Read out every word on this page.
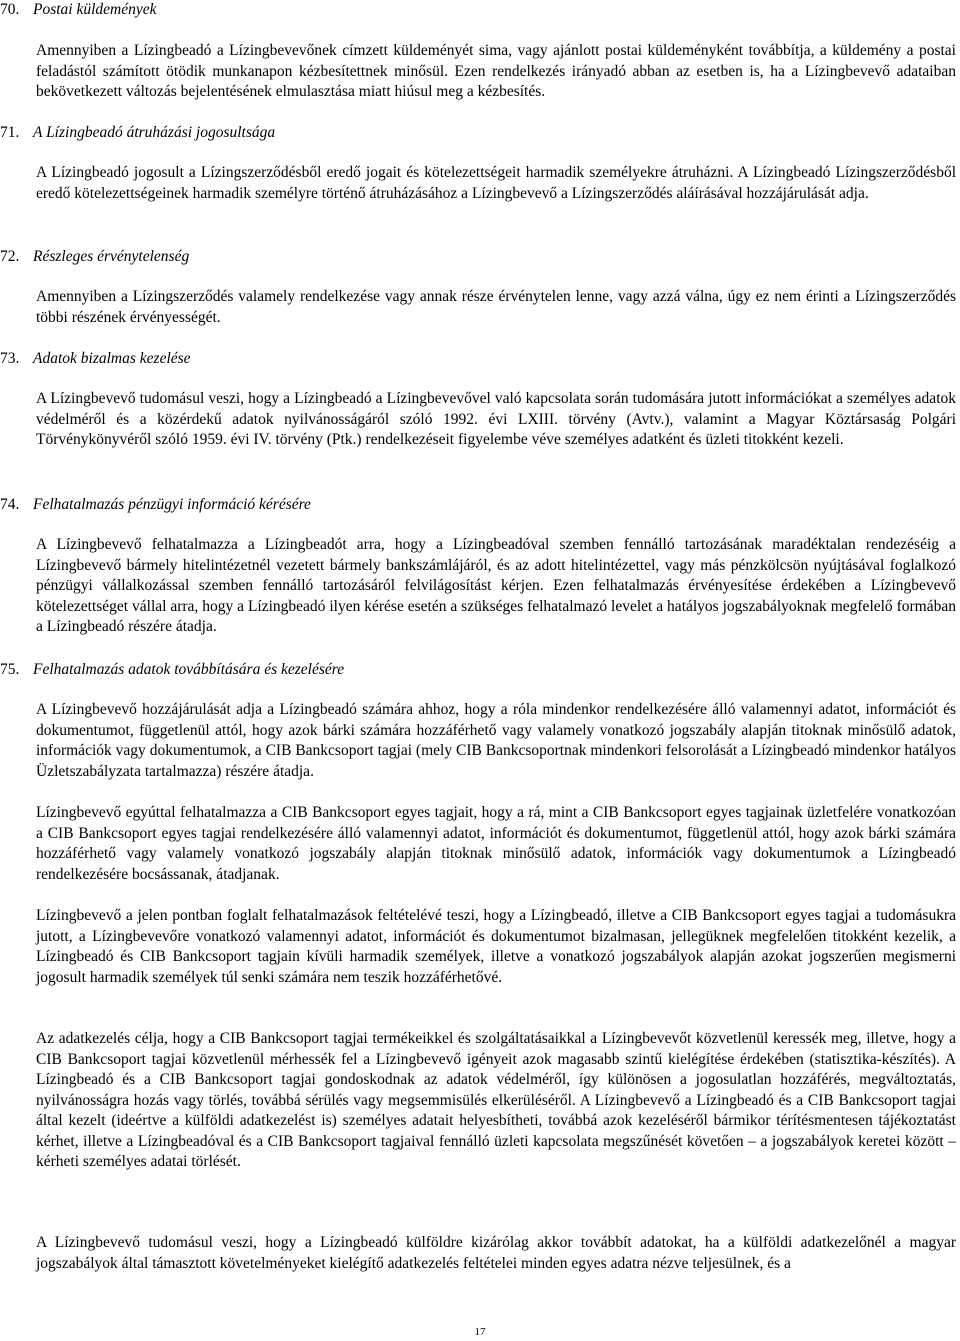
70. Postai küldemények

Amennyiben a Lízingbeadó a Lízingbevevőnek címzett küldeményét sima, vagy ajánlott postai küldeményként továbbítja, a küldemény a postai feladástól számított ötödik munkanapon kézbesítettnek minősül. Ezen rendelkezés irányadó abban az esetben is, ha a Lízingbevevő adataiban bekövetkezett változás bejelentésének elmulasztása miatt hiúsul meg a kézbesítés.

71. A Lízingbeadó átruházási jogosultsága

A Lízingbeadó jogosult a Lízingszerződésből eredő jogait és kötelezettségeit harmadik személyekre átruházni. A Lízingbeadó Lízingszerződésből eredő kötelezettségeinek harmadik személyre történő átruházásához a Lízingbevevő a Lízingszerződés aláírásával hozzájárulását adja.

72. Részleges érvénytelenség

Amennyiben a Lízingszerződés valamely rendelkezése vagy annak része érvénytelen lenne, vagy azzá válna, úgy ez nem érinti a Lízingszerződés többi részének érvényességét.

73. Adatok bizalmas kezelése

A Lízingbevevő tudomásul veszi, hogy a Lízingbeadó a Lízingbevevővel való kapcsolata során tudomására jutott információkat a személyes adatok védelméről és a közérdekű adatok nyilvánosságáról szóló 1992. évi LXIII. törvény (Avtv.), valamint a Magyar Köztársaság Polgári Törvénykönyvéről szóló 1959. évi IV. törvény (Ptk.) rendelkezéseit figyelembe véve személyes adatként és üzleti titokként kezeli.

74. Felhatalmazás pénzügyi információ kérésére

A Lízingbevevő felhatalmazza a Lízingbeadót arra, hogy a Lízingbeadóval szemben fennálló tartozásának maradéktalan rendezéséig a Lízingbevevő bármely hitelintézetnél vezetett bármely bankszámlájáról, és az adott hitelintézettel, vagy más pénzkölcsön nyújtásával foglalkozó pénzügyi vállalkozással szemben fennálló tartozásáról felvilágosítást kérjen. Ezen felhatalmazás érvényesítése érdekében a Lízingbevevő kötelezettséget vállal arra, hogy a Lízingbeadó ilyen kérése esetén a szükséges felhatalmazó levelet a hatályos jogszabályoknak megfelelő formában a Lízingbeadó részére átadja.

75. Felhatalmazás adatok továbbítására és kezelésére

A Lízingbevevő hozzájárulását adja a Lízingbeadó számára ahhoz, hogy a róla mindenkor rendelkezésére álló valamennyi adatot, információt és dokumentumot, függetlenül attól, hogy azok bárki számára hozzáférhető vagy valamely vonatkozó jogszabály alapján titoknak minősülő adatok, információk vagy dokumentumok, a CIB Bankcsoport tagjai (mely CIB Bankcsoportnak mindenkori felsorolását a Lízingbeadó mindenkor hatályos Üzletszabályzata tartalmazza) részére átadja.

Lízingbevevő egyúttal felhatalmazza a CIB Bankcsoport egyes tagjait, hogy a rá, mint a CIB Bankcsoport egyes tagjainak üzletfelére vonatkozóan a CIB Bankcsoport egyes tagjai rendelkezésére álló valamennyi adatot, információt és dokumentumot, függetlenül attól, hogy azok bárki számára hozzáférhető vagy valamely vonatkozó jogszabály alapján titoknak minősülő adatok, információk vagy dokumentumok a Lízingbeadó rendelkezésére bocsássanak, átadjanak.

Lízingbevevő a jelen pontban foglalt felhatalmazások feltételévé teszi, hogy a Lízingbeadó, illetve a CIB Bankcsoport egyes tagjai a tudomásukra jutott, a Lízingbevevőre vonatkozó valamennyi adatot, információt és dokumentumot bizalmasan, jellegüknek megfelelően titokként kezelik, a Lízingbeadó és CIB Bankcsoport tagjain kívüli harmadik személyek, illetve a vonatkozó jogszabályok alapján azokat jogszerűen megismerni jogosult harmadik személyek túl senki számára nem teszik hozzáférhetővé.

Az adatkezelés célja, hogy a CIB Bankcsoport tagjai termékeikkel és szolgáltatásaikkal a Lízingbevevőt közvetlenül keressék meg, illetve, hogy a CIB Bankcsoport tagjai közvetlenül mérhessék fel a Lízingbevevő igényeit azok magasabb szintű kielégítése érdekében (statisztika-készítés). A Lízingbeadó és a CIB Bankcsoport tagjai gondoskodnak az adatok védelméről, így különösen a jogosulatlan hozzáférés, megváltoztatás, nyilvánosságra hozás vagy törlés, továbbá sérülés vagy megsemmisülés elkerüléséről. A Lízingbevevő a Lízingbeadó és a CIB Bankcsoport tagjai által kezelt (ideértve a külföldi adatkezelést is) személyes adatait helyesbítheti, továbbá azok kezeléséről bármikor térítésmentesen tájékoztatást kérhet, illetve a Lízingbeadóval és a CIB Bankcsoport tagjaival fennálló üzleti kapcsolata megszűnését követően – a jogszabályok keretei között – kérheti személyes adatai törlését.

A Lízingbevevő tudomásul veszi, hogy a Lízingbeadó külföldre kizárólag akkor továbbít adatokat, ha a külföldi adatkezelőnél a magyar jogszabályok által támasztott követelményeket kielégítő adatkezelés feltételei minden egyes adatra nézve teljesülnek, és a

17
